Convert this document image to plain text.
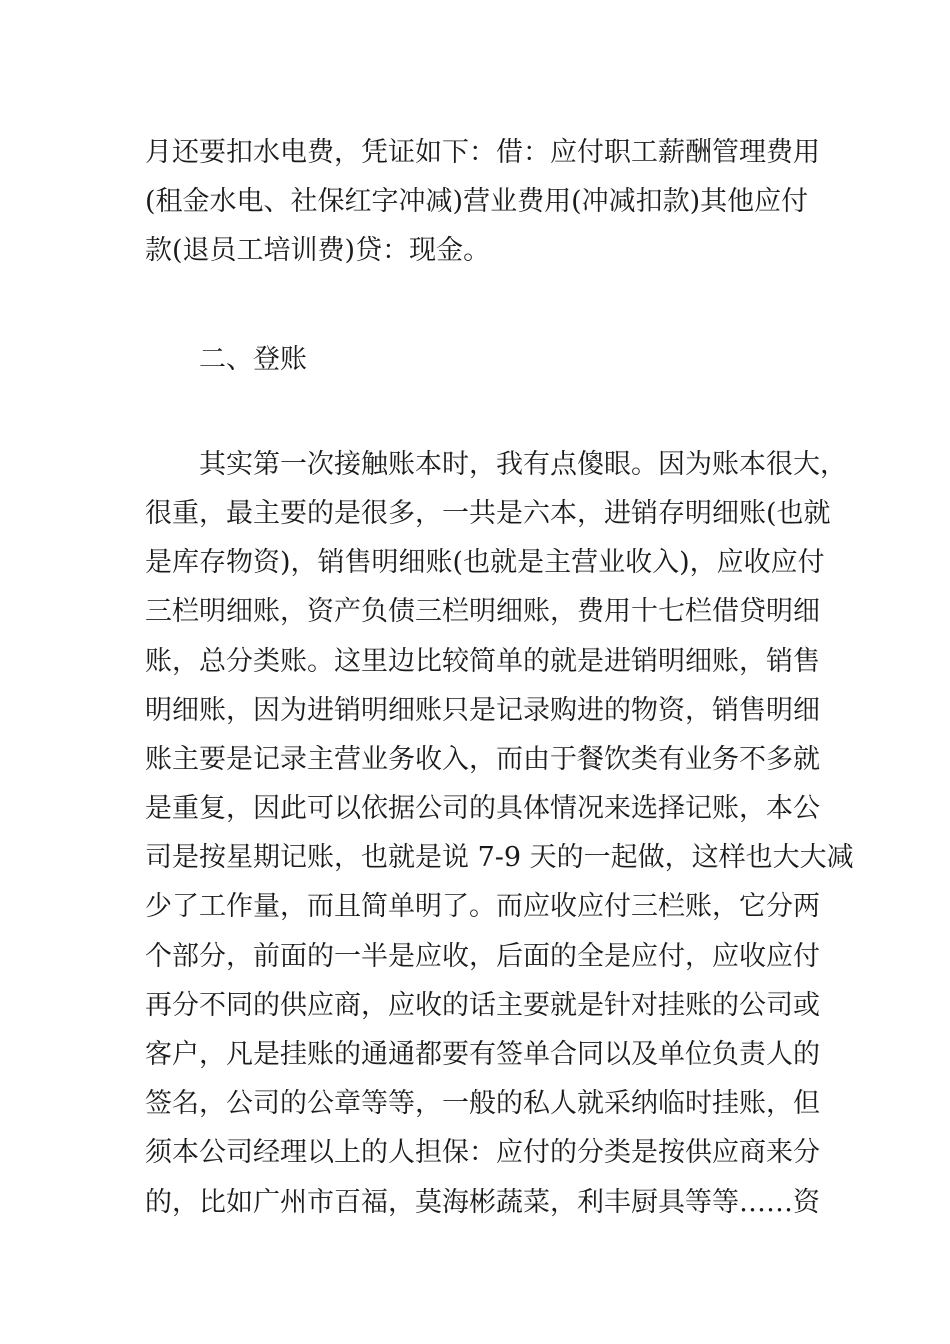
月还要扣水电费，凭证如下：借：应付职工薪酬管理费用
(租金水电、社保红字冲减)营业费用(冲减扣款)其他应付
款(退员工培训费)贷：现金。
二、登账
其实第一次接触账本时，我有点傻眼。因为账本很大，
很重，最主要的是很多，一共是六本，进销存明细账(也就
是库存物资)，销售明细账(也就是主营业收入)，应收应付
三栏明细账，资产负债三栏明细账，费用十七栏借贷明细
账，总分类账。这里边比较简单的就是进销明细账，销售
明细账，因为进销明细账只是记录购进的物资，销售明细
账主要是记录主营业务收入，而由于餐饮类有业务不多就
是重复，因此可以依据公司的具体情况来选择记账，本公
司是按星期记账，也就是说 7-9 天的一起做，这样也大大减
少了工作量，而且简单明了。而应收应付三栏账，它分两
个部分，前面的一半是应收，后面的全是应付，应收应付
再分不同的供应商，应收的话主要就是针对挂账的公司或
客户，凡是挂账的通通都要有签单合同以及单位负责人的
签名，公司的公章等等，一般的私人就采纳临时挂账，但
须本公司经理以上的人担保：应付的分类是按供应商来分
的，比如广州市百福，莫海彬蔬菜，利丰厨具等等……资
